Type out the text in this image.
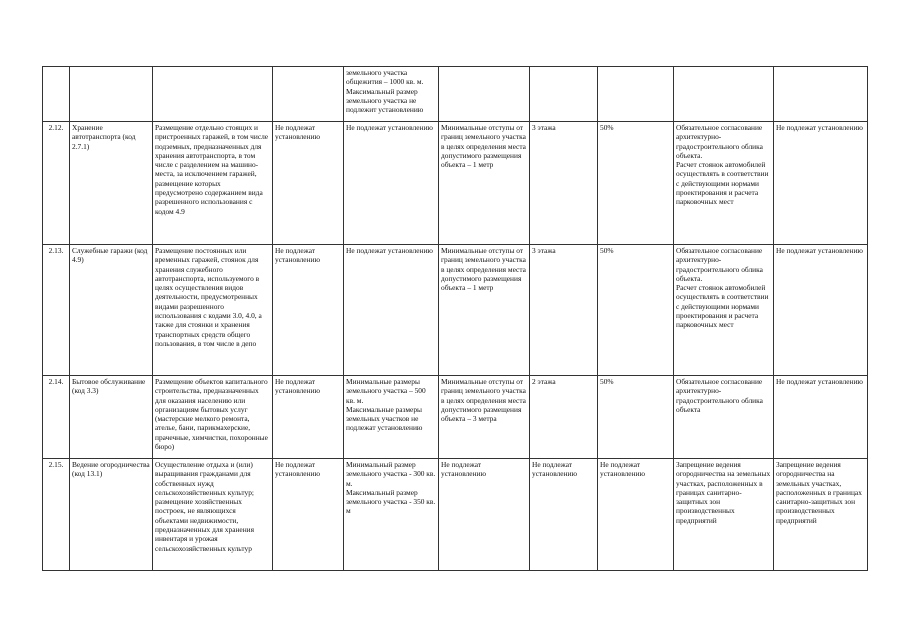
				земельного участка
общежития – 1000 кв. м.
Максимальный размер земельного участка не подлежит установлению					
2.12.	Хранение автотранспорта (код 2.7.1)	Размещение отдельно стоящих и пристроенных гаражей, в том числе подземных, предназначенных для хранения автотранспорта, в том числе с разделением на машино-места, за исключением гаражей, размещение которых предусмотрено содержанием вида разрешенного использования с кодом 4.9	Не подлежат установлению	Не подлежат установлению	Минимальные отступы от границ земельного участка в целях определения места допустимого размещения объекта – 1 метр	3 этажа	50%	Обязательное согласование архитектурно-градостроительного облика объекта.
Расчет стоянок автомобилей осуществлять в соответствии с действующими нормами проектирования и расчета парковочных мест	Не подлежат установлению
2.13.	Служебные гаражи (код 4.9)	Размещение постоянных или временных гаражей, стоянок для хранения служебного автотранспорта, используемого в целях осуществления видов деятельности, предусмотренных видами разрешенного использования с кодами 3.0, 4.0, а также для стоянки и хранения транспортных средств общего пользования, в том числе в депо	Не подлежат установлению	Не подлежат установлению	Минимальные отступы от границ земельного участка в целях определения места допустимого размещения объекта – 1 метр	3 этажа	50%	Обязательное согласование архитектурно-градостроительного облика объекта.
Расчет стоянок автомобилей осуществлять в соответствии с действующими нормами проектирования и расчета парковочных мест	Не подлежат установлению
2.14.	Бытовое обслуживание (код 3.3)	Размещение объектов капитального строительства, предназначенных для оказания населению или организациям бытовых услуг (мастерские мелкого ремонта, ателье, бани, парикмахерские, прачечные, химчистки, похоронные бюро)	Не подлежат установлению	Минимальные размеры земельного участка – 500 кв. м.
Максимальные размеры земельных участков не подлежат установлению	Минимальные отступы от границ земельного участка в целях определения места допустимого размещения объекта – 3 метра	2 этажа	50%	Обязательное согласование архитектурно-градостроительного облика объекта	Не подлежат установлению
2.15.	Ведение огородничества (код 13.1)	Осуществление отдыха и (или) выращивания гражданами для собственных нужд сельскохозяйственных культур; размещение хозяйственных построек, не являющихся объектами недвижимости, предназначенных для хранения инвентаря и урожая сельскохозяйственных культур	Не подлежат установлению	Минимальный размер земельного участка - 300 кв. м.
Максимальный размер земельного участка - 350 кв. м	Не подлежат установлению	Не подлежат установлению	Не подлежат установлению	Запрещение ведения огородничества на земельных участках, расположенных в границах санитарно-защитных зон производственных предприятий	Запрещение ведения огородничества на земельных участках, расположенных в границах санитарно-защитных зон производственных предприятий
